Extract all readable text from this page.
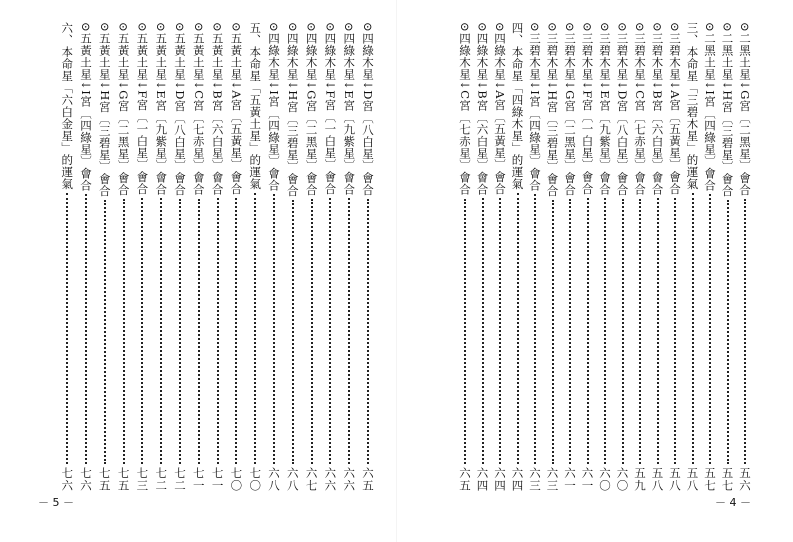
－ 5 －
⊙四綠木星↓D宮〔八白星〕會合
六五
⊙四綠木星↓E宮〔九紫星〕會合
六六
⊙四綠木星↓F宮〔一白星〕會合
六六
⊙四綠木星↓G宮〔二黑星〕會合
六七
⊙四綠木星↓H宮〔三碧星〕會合
六八
⊙四綠木星↓I宮〔四綠星〕會合
六八
五、本命星「五黃土星」的運氣
七〇
⊙五黃土星↓A宮〔五黃星〕會合
七〇
⊙五黃土星↓B宮〔六白星〕會合
七一
⊙五黃土星↓C宮〔七赤星〕會合
七一
⊙五黃土星↓D宮〔八白星〕會合
七二
⊙五黃土星↓E宮〔九紫星〕會合
七二
⊙五黃土星↓F宮〔一白星〕會合
七三
⊙五黃土星↓G宮〔二黑星〕會合
七五
⊙五黃土星↓H宮〔三碧星〕會合
七五
⊙五黃土星↓I宮〔四綠星〕會合
七六
六、本命星「六白金星」的運氣
七六
－ 4 －
⊙二黑土星↓G宮〔二黑星〕會合
五六
⊙二黑土星↓H宮〔三碧星〕會合
五七
⊙二黑土星↓I宮〔四綠星〕會合
五七
三、本命星「三碧木星」的運氣
五八
⊙三碧木星↓A宮〔五黃星〕會合
五八
⊙三碧木星↓B宮〔六白星〕會合
五八
⊙三碧木星↓C宮〔七赤星〕會合
五九
⊙三碧木星↓D宮〔八白星〕會合
六〇
⊙三碧木星↓E宮〔九紫星〕會合
六〇
⊙三碧木星↓F宮〔一白星〕會合
六一
⊙三碧木星↓G宮〔二黑星〕會合
六一
⊙三碧木星↓H宮〔三碧星〕會合
六三
⊙三碧木星↓I宮〔四綠星〕會合
六三
四、本命星「四綠木星」的運氣
六四
⊙四綠木星↓A宮〔五黃星〕會合
六四
⊙四綠木星↓B宮〔六白星〕會合
六四
⊙四綠木星↓C宮〔七赤星〕會合
六五
